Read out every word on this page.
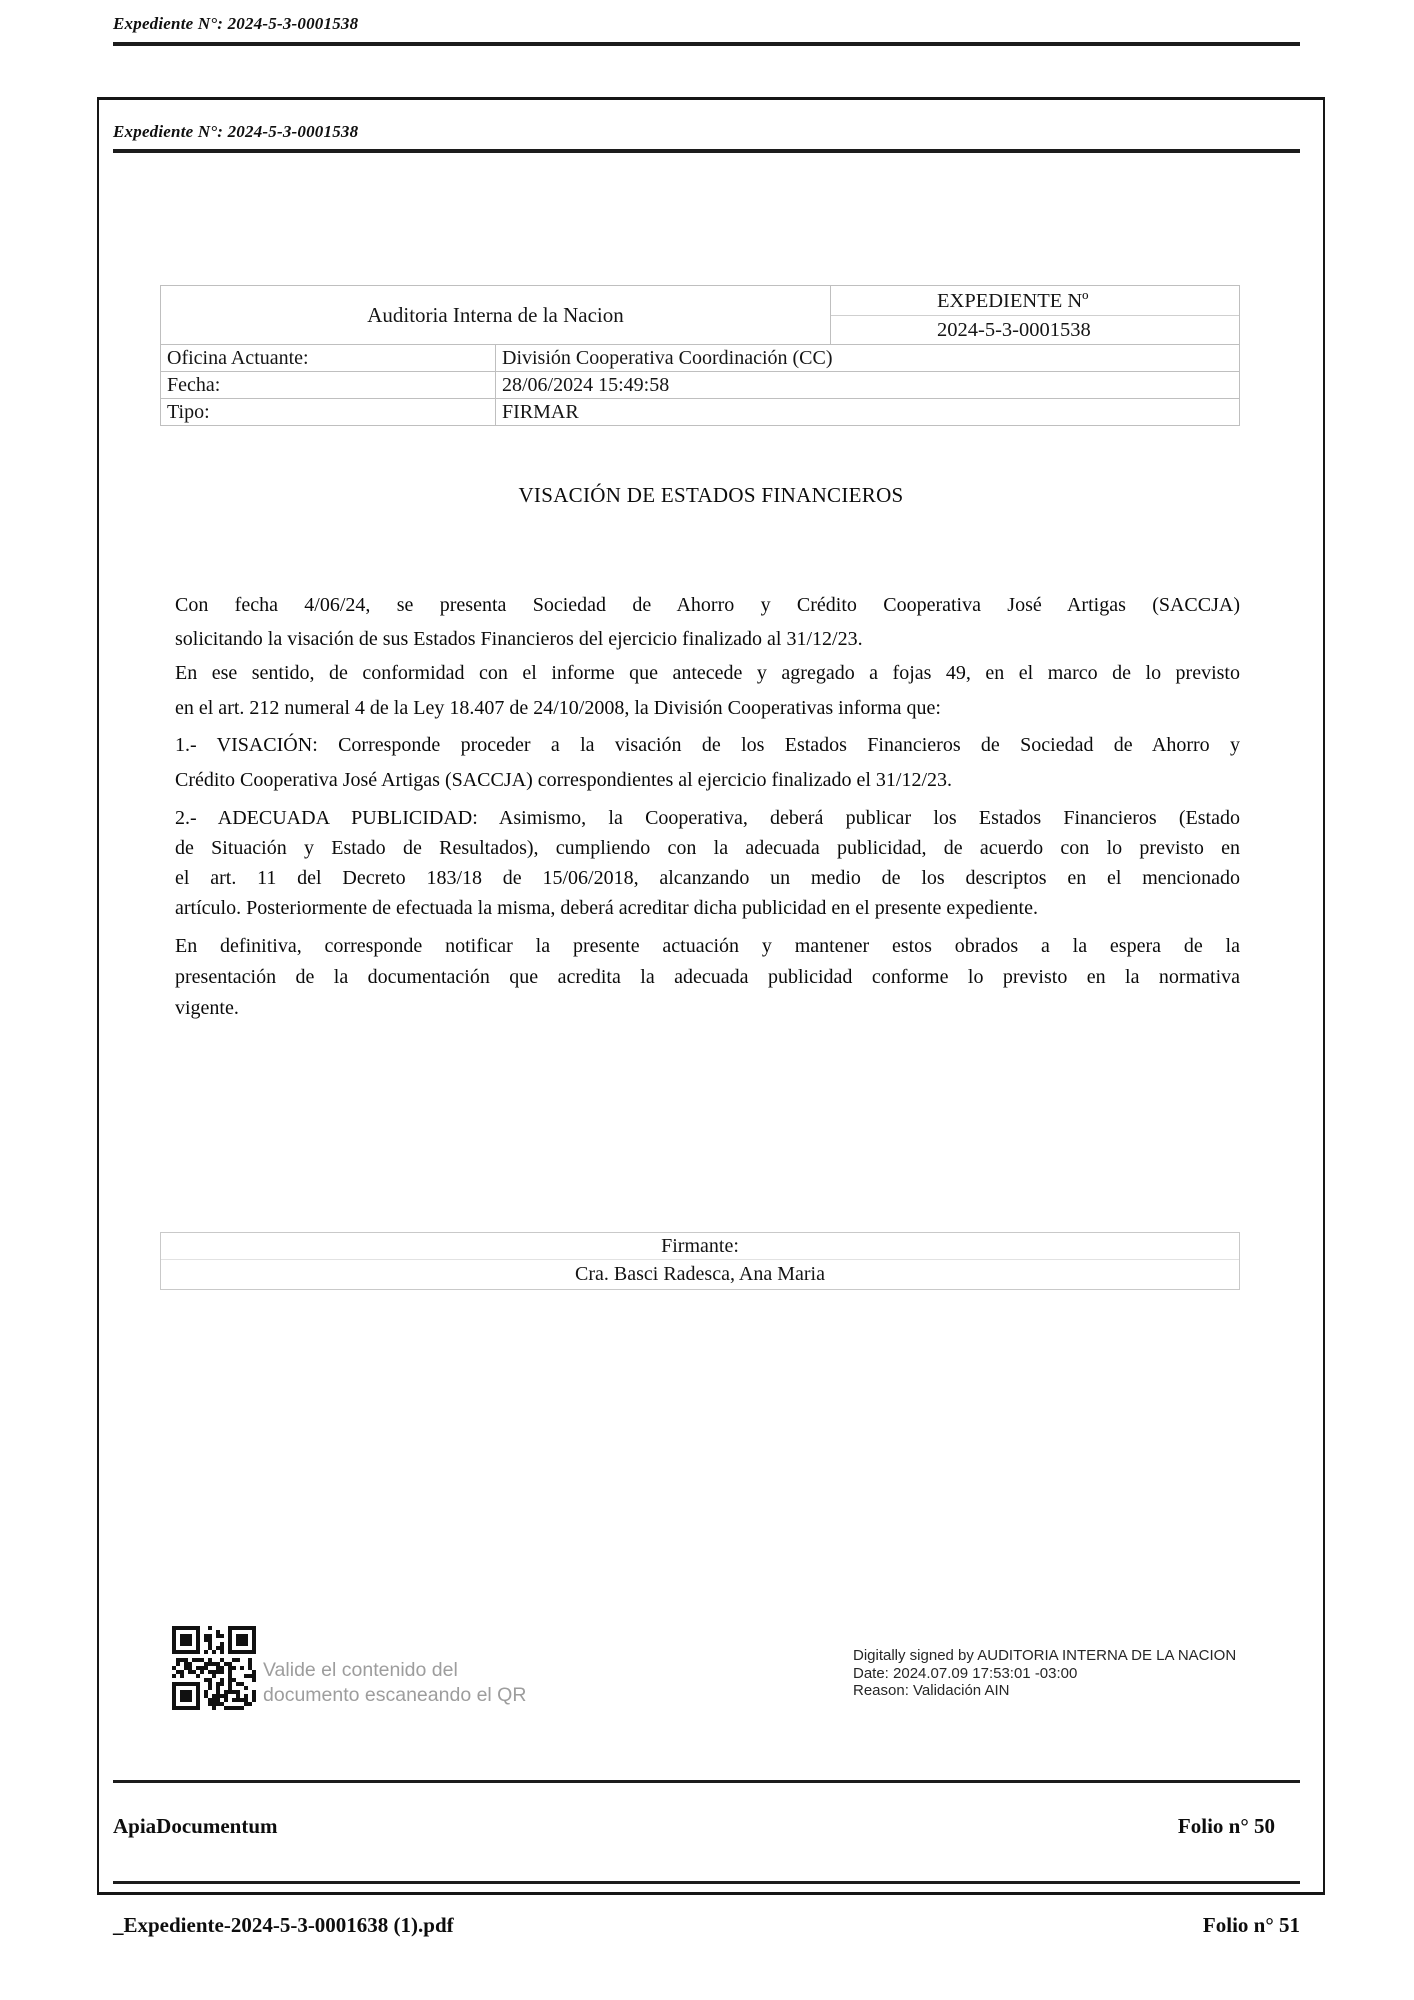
Expediente N°: 2024-5-3-0001538
Expediente N°: 2024-5-3-0001538
Auditoria Interna de la Nacion		EXPEDIENTE Nº
2024-5-3-0001538

Oficina Actuante:	División Cooperativa Coordinación (CC)	
Fecha:	28/06/2024 15:49:58	
Tipo:	FIRMAR	
VISACIÓN DE ESTADOS FINANCIEROS
Con fecha 4/06/24, se presenta Sociedad de Ahorro y Crédito Cooperativa José Artigas (SACCJA)
solicitando la visación de sus Estados Financieros del ejercicio finalizado al 31/12/23.
En ese sentido, de conformidad con el informe que antecede y agregado a fojas 49, en el marco de lo previsto
en el art. 212 numeral 4 de la Ley 18.407 de 24/10/2008, la División Cooperativas informa que:
1.- VISACIÓN: Corresponde proceder a la visación de los Estados Financieros de Sociedad de Ahorro y
Crédito Cooperativa José Artigas (SACCJA) correspondientes al ejercicio finalizado el 31/12/23.
2.- ADECUADA PUBLICIDAD: Asimismo, la Cooperativa, deberá publicar los Estados Financieros (Estado
de Situación y Estado de Resultados), cumpliendo con la adecuada publicidad, de acuerdo con lo previsto en
el art. 11 del Decreto 183/18 de 15/06/2018, alcanzando un medio de los descriptos en el mencionado
artículo. Posteriormente de efectuada la misma, deberá acreditar dicha publicidad en el presente expediente.
En definitiva, corresponde notificar la presente actuación y mantener estos obrados a la espera de la
presentación de la documentación que acredita la adecuada publicidad conforme lo previsto en la normativa
vigente.
Firmante:
Cra. Basci Radesca, Ana Maria
Valide el contenido del
documento escaneando el QR
Digitally signed by AUDITORIA INTERNA DE LA NACION
Date: 2024.07.09 17:53:01 -03:00
Reason: Validación AIN
ApiaDocumentum	Folio n° 50
_Expediente-2024-5-3-0001638 (1).pdf	Folio n° 51
